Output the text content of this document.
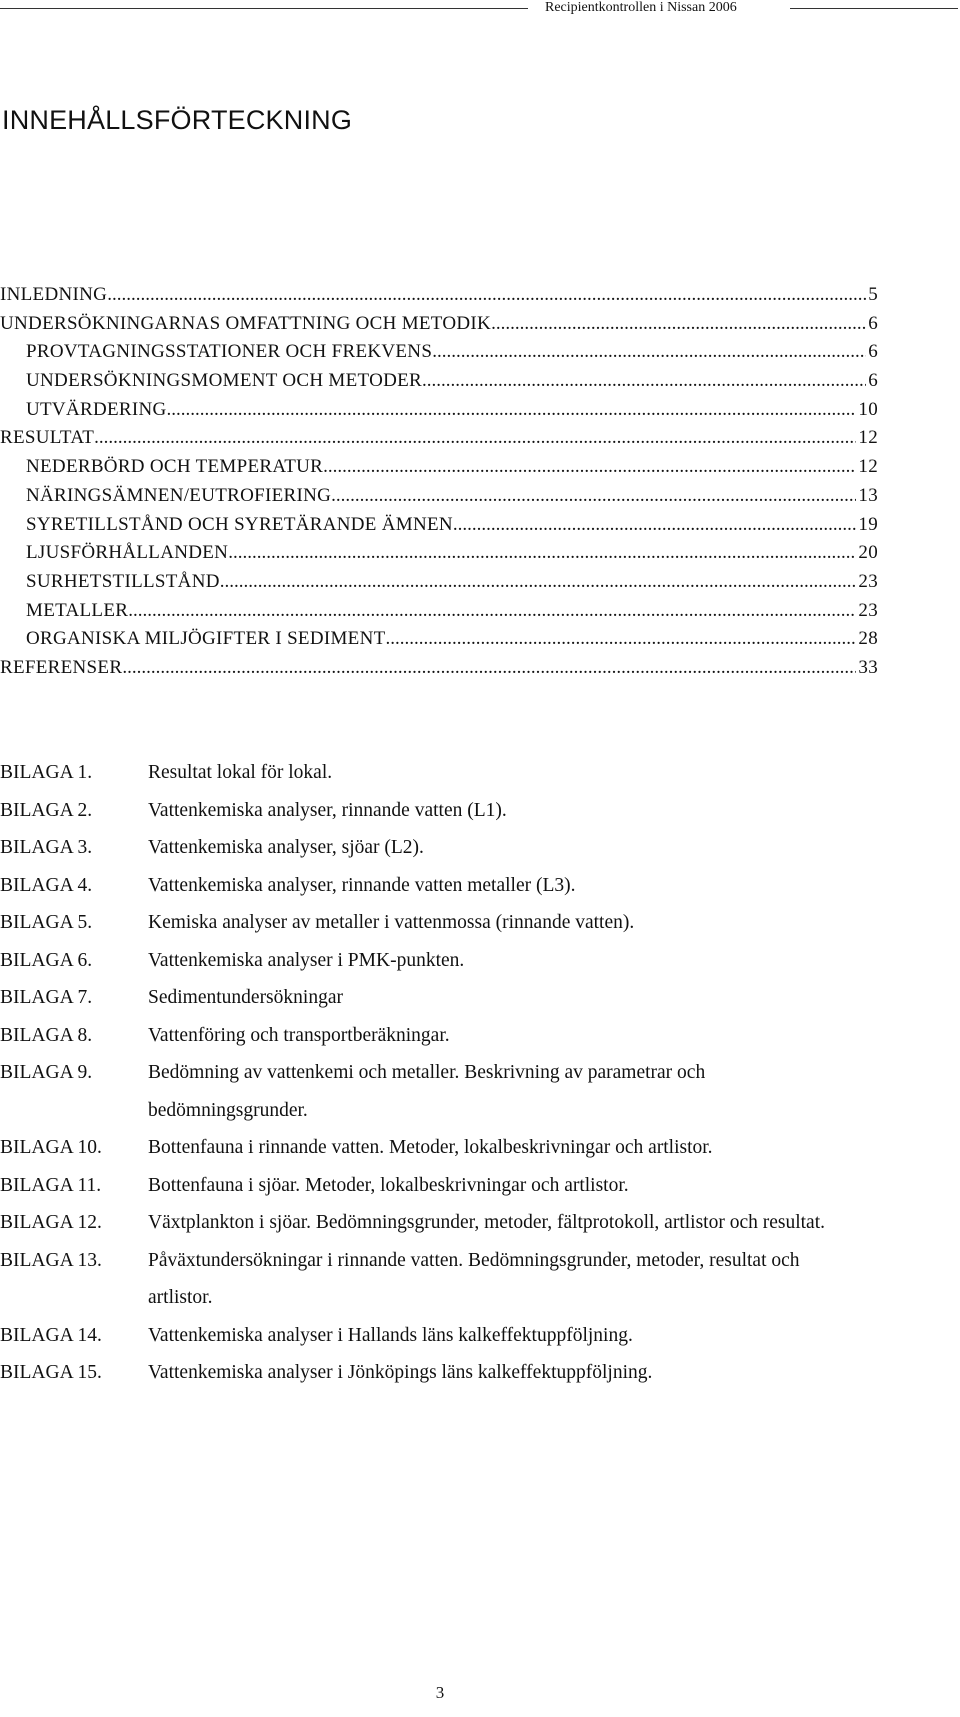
Recipientkontrollen i Nissan 2006
INNEHÅLLSFÖRTECKNING
INLEDNING .....	5
UNDERSÖKNINGARNAS OMFATTNING OCH METODIK .....	6
PROVTAGNINGSSTATIONER OCH FREKVENS .....	6
UNDERSÖKNINGSMOMENT OCH METODER .....	6
UTVÄRDERING .....	10
RESULTAT .....	12
NEDERBÖRD OCH TEMPERATUR .....	12
NÄRINGSÄMNEN/EUTROFIERING .....	13
SYRETILLSTÅND OCH SYRETÄRANDE ÄMNEN .....	19
LJUSFÖRHÅLLANDEN .....	20
SURHETSTILLSTÅND .....	23
METALLER .....	23
ORGANISKA MILJÖGIFTER I SEDIMENT .....	28
REFERENSER .....	33
BILAGA 1.	Resultat lokal för lokal.
BILAGA 2.	Vattenkemiska analyser, rinnande vatten (L1).
BILAGA 3.	Vattenkemiska analyser, sjöar (L2).
BILAGA 4.	Vattenkemiska analyser, rinnande vatten metaller (L3).
BILAGA 5.	Kemiska analyser av metaller i vattenmossa (rinnande vatten).
BILAGA 6.	Vattenkemiska analyser i PMK-punkten.
BILAGA 7.	Sedimentundersökningar
BILAGA 8.	Vattenföring och transportberäkningar.
BILAGA 9.	Bedömning av vattenkemi och metaller. Beskrivning av parametrar och bedömningsgrunder.
BILAGA 10. Bottenfauna i rinnande vatten. Metoder, lokalbeskrivningar och artlistor.
BILAGA 11. Bottenfauna i sjöar. Metoder, lokalbeskrivningar och artlistor.
BILAGA 12. Växtplankton i sjöar. Bedömningsgrunder, metoder, fältprotokoll, artlistor och resultat.
BILAGA 13. Påväxtundersökningar i rinnande vatten. Bedömningsgrunder, metoder, resultat och artlistor.
BILAGA 14. Vattenkemiska analyser i Hallands läns kalkeffektuppföljning.
BILAGA 15. Vattenkemiska analyser i Jönköpings läns kalkeffektuppföljning.
3
